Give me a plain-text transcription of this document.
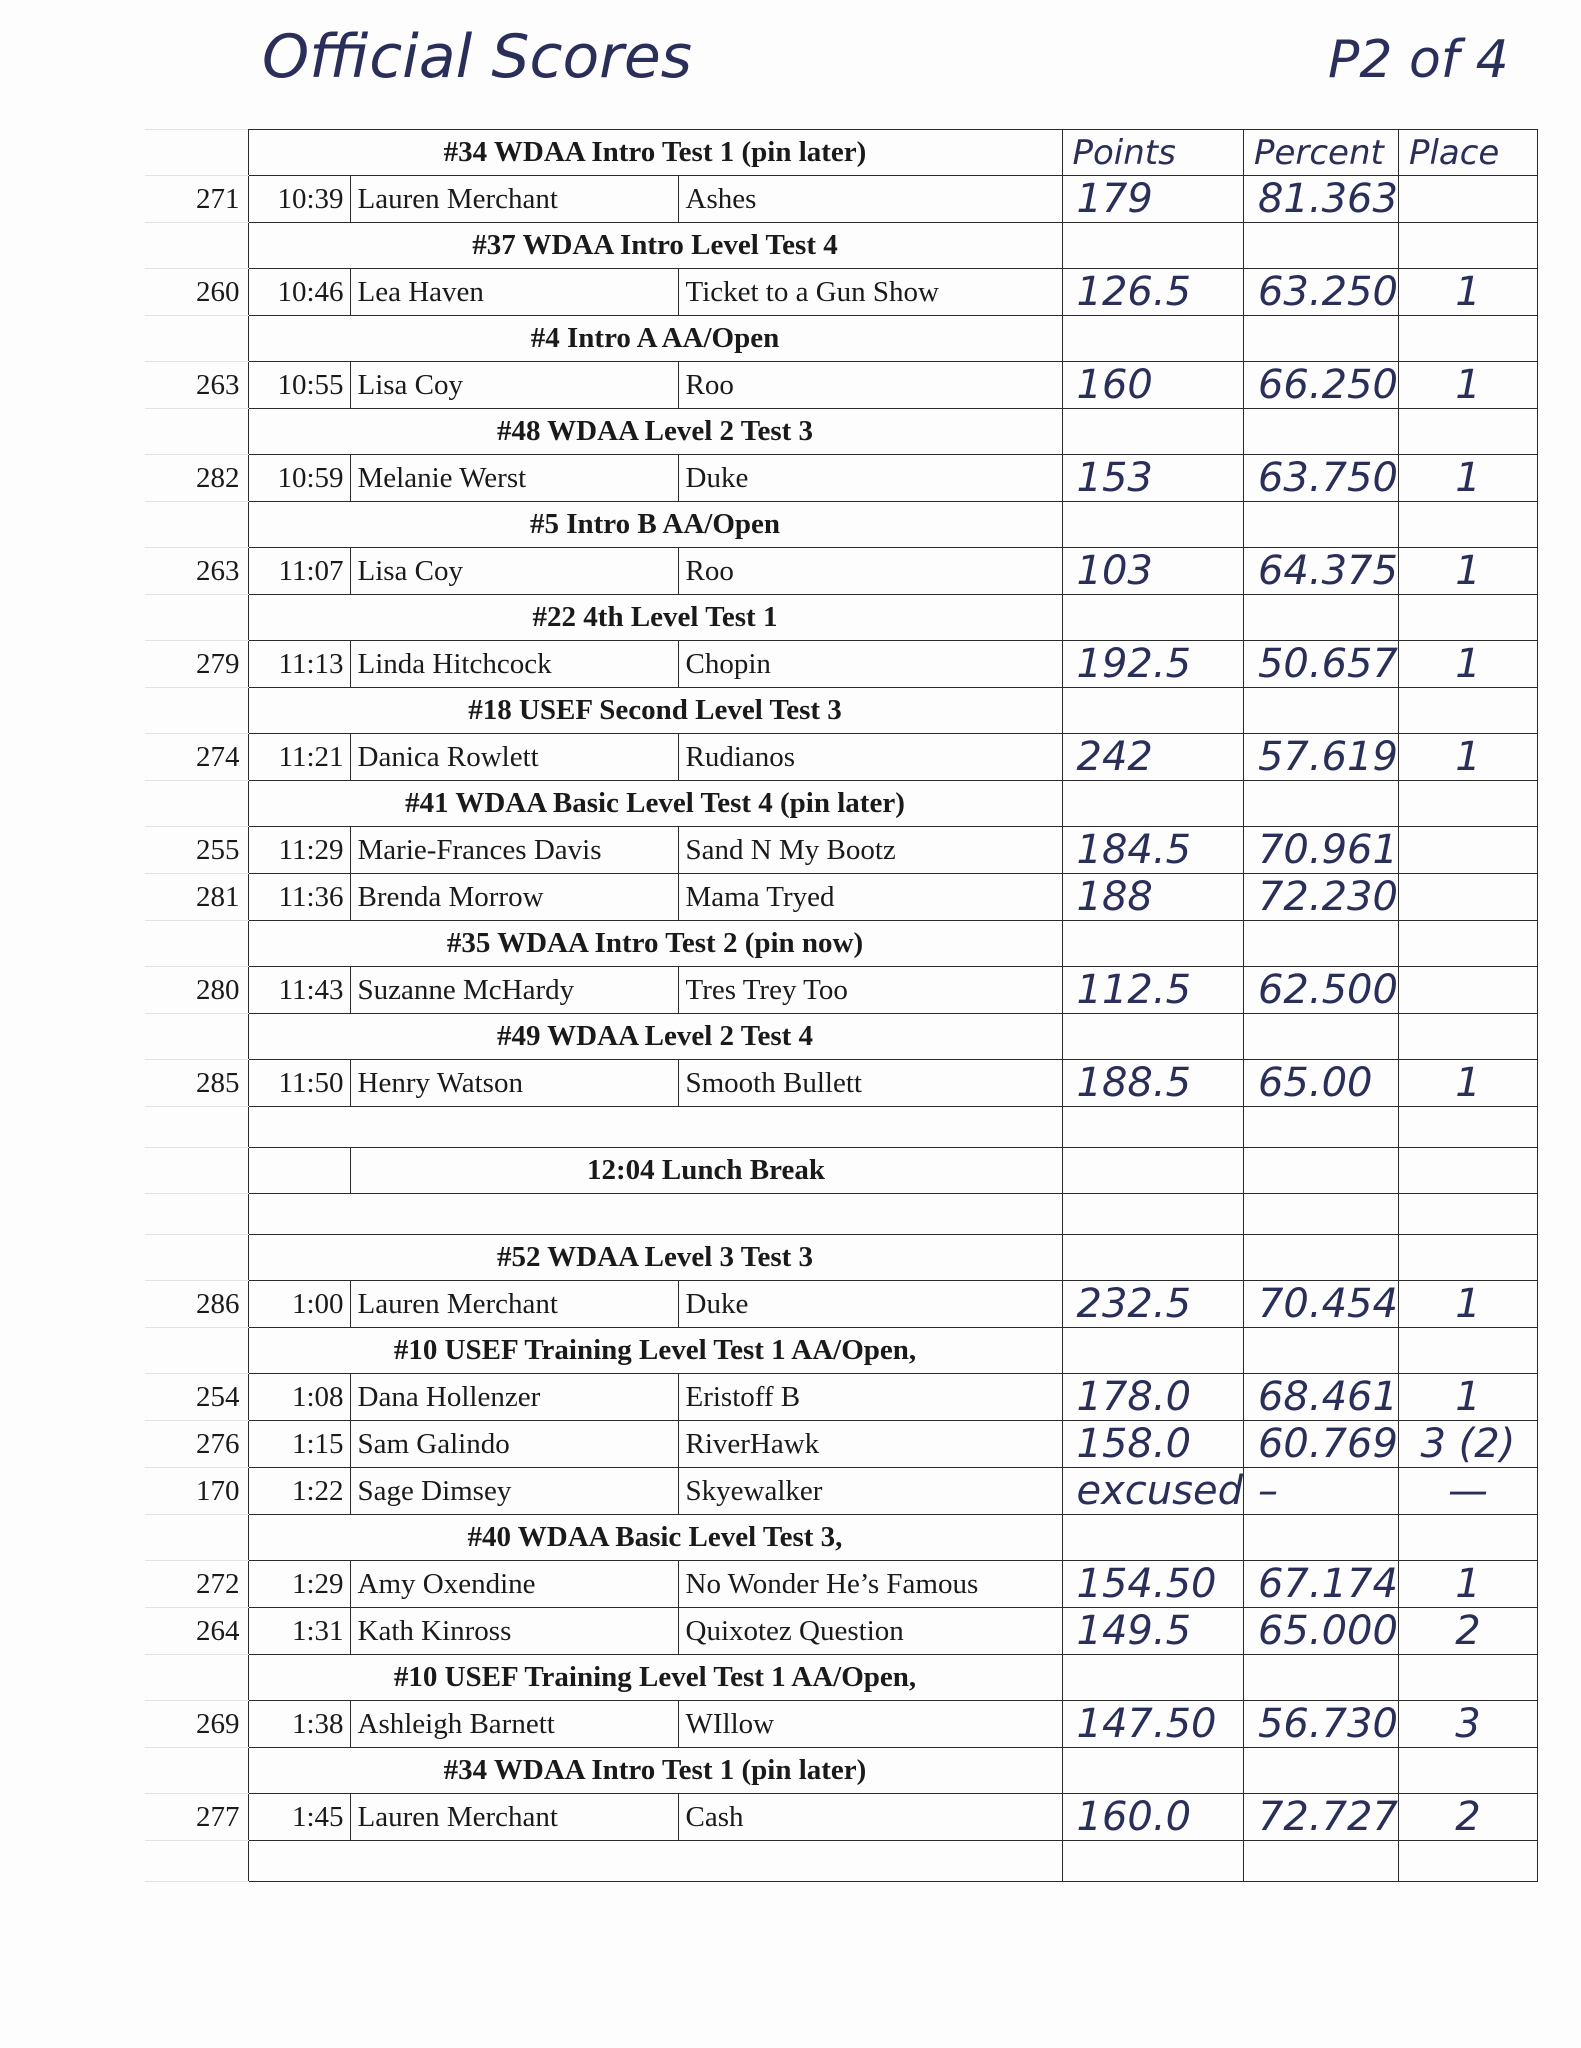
Official Scores	P2 of 4
	#34 WDAA Intro Test 1 (pin later)			Points	Percent	Place
271	10:39	Lauren Merchant	Ashes	179	81.363	
	#37 WDAA Intro Level Test 4					
260	10:46	Lea Haven	Ticket to a Gun Show	126.5	63.250	1
	#4 Intro A AA/Open					
263	10:55	Lisa Coy	Roo	160	66.250	1
	#48 WDAA Level 2 Test 3					
282	10:59	Melanie Werst	Duke	153	63.750	1
	#5 Intro B AA/Open					
263	11:07	Lisa Coy	Roo	103	64.375	1
	#22 4th Level Test 1					
279	11:13	Linda Hitchcock	Chopin	192.5	50.657	1
	#18 USEF Second Level Test 3					
274	11:21	Danica Rowlett	Rudianos	242	57.619	1
	#41 WDAA Basic Level Test 4 (pin later)					
255	11:29	Marie-Frances Davis	Sand N My Bootz	184.5	70.961	
281	11:36	Brenda Morrow	Mama Tryed	188	72.230	
	#35 WDAA Intro Test 2 (pin now)					
280	11:43	Suzanne McHardy	Tres Trey Too	112.5	62.500	
	#49 WDAA Level 2 Test 4					
285	11:50	Henry Watson	Smooth Bullett	188.5	65.00	1

		12:04 Lunch Break				

	#52 WDAA Level 3 Test 3					
286	1:00	Lauren Merchant	Duke	232.5	70.454	1
	#10 USEF Training Level Test 1 AA/Open,					
254	1:08	Dana Hollenzer	Eristoff B	178.0	68.461	1
276	1:15	Sam Galindo	RiverHawk	158.0	60.769	3 (2)
170	1:22	Sage Dimsey	Skyewalker	excused	–	—
	#40 WDAA Basic Level Test 3,					
272	1:29	Amy Oxendine	No Wonder He’s Famous	154.50	67.174	1
264	1:31	Kath Kinross	Quixotez Question	149.5	65.000	2
	#10 USEF Training Level Test 1 AA/Open,					
269	1:38	Ashleigh Barnett	WIllow	147.50	56.730	3
	#34 WDAA Intro Test 1 (pin later)					
277	1:45	Lauren Merchant	Cash	160.0	72.727	2
